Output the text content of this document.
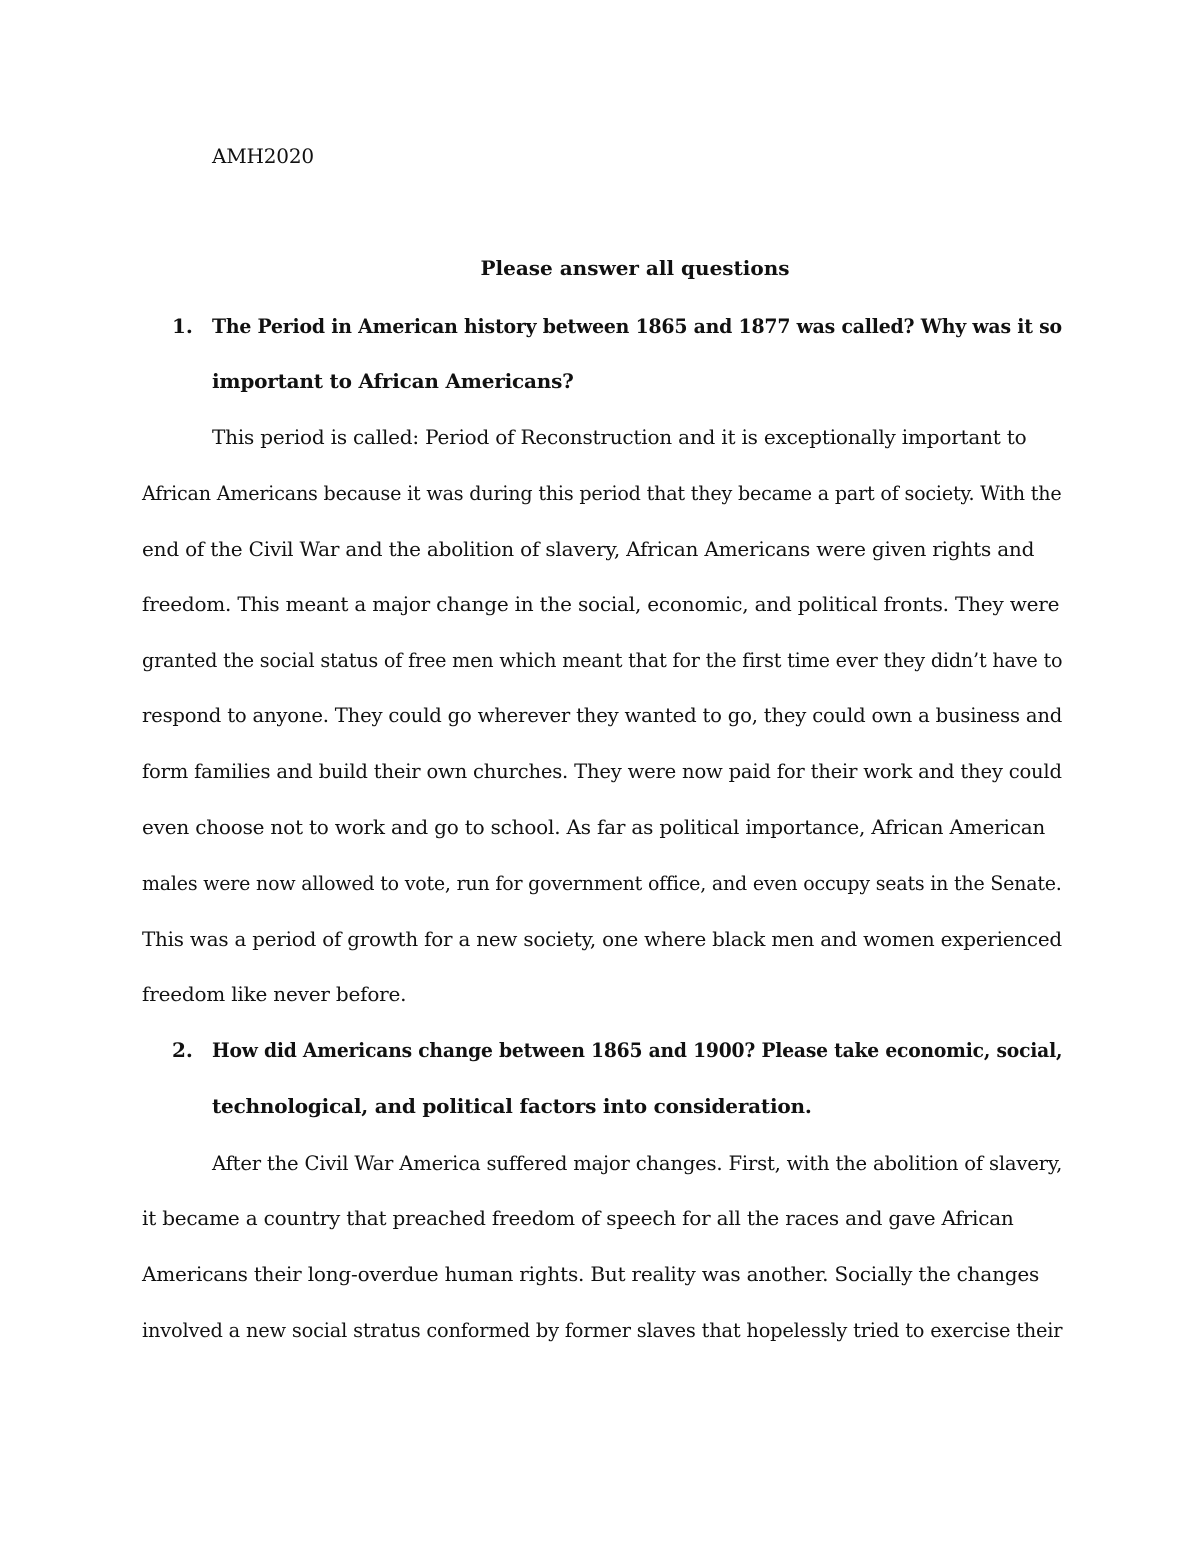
AMH2020
Please answer all questions
1. The Period in American history between 1865 and 1877 was called? Why was it so
important to African Americans?
This period is called: Period of Reconstruction and it is exceptionally important to
African Americans because it was during this period that they became a part of society. With the
end of the Civil War and the abolition of slavery, African Americans were given rights and
freedom. This meant a major change in the social, economic, and political fronts. They were
granted the social status of free men which meant that for the first time ever they didn’t have to
respond to anyone. They could go wherever they wanted to go, they could own a business and
form families and build their own churches. They were now paid for their work and they could
even choose not to work and go to school. As far as political importance, African American
males were now allowed to vote, run for government office, and even occupy seats in the Senate.
This was a period of growth for a new society, one where black men and women experienced
freedom like never before.
2. How did Americans change between 1865 and 1900? Please take economic, social,
technological, and political factors into consideration.
After the Civil War America suffered major changes. First, with the abolition of slavery,
it became a country that preached freedom of speech for all the races and gave African
Americans their long-overdue human rights. But reality was another. Socially the changes
involved a new social stratus conformed by former slaves that hopelessly tried to exercise their
